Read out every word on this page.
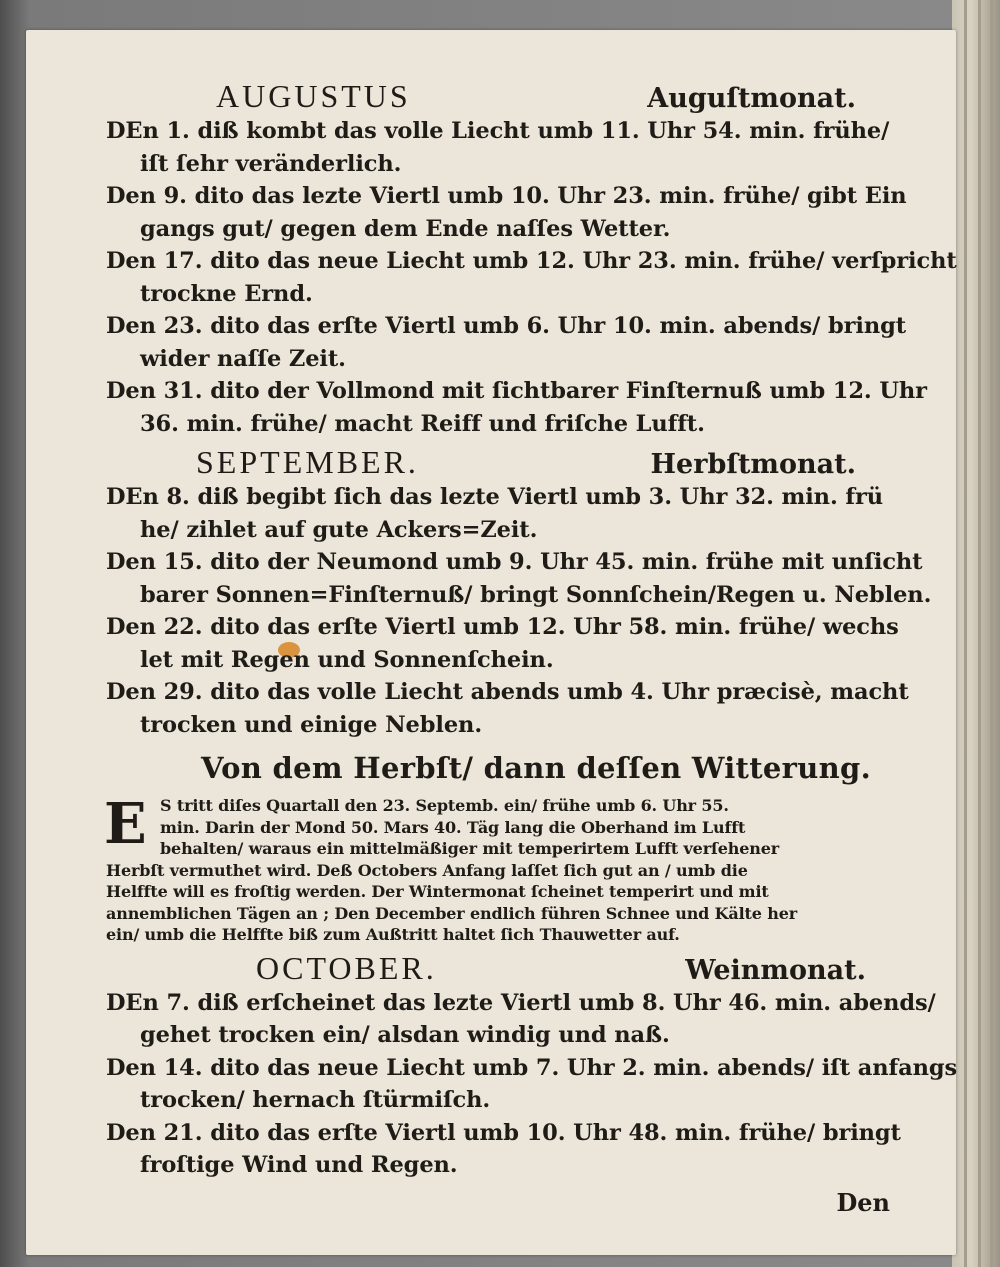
AUGUSTUS	Auguſtmonat.
DEn 1. diß kombt das volle Liecht umb 11. Uhr 54. min. frühe/
iſt ſehr veränderlich.
Den 9. dito das lezte Viertl umb 10. Uhr 23. min. frühe/ gibt Ein
gangs gut/ gegen dem Ende naſſes Wetter.
Den 17. dito das neue Liecht umb 12. Uhr 23. min. frühe/ verſpricht
trockne Ernd.
Den 23. dito das erſte Viertl umb 6. Uhr 10. min. abends/ bringt
wider naſſe Zeit.
Den 31. dito der Vollmond mit ſichtbarer Finſternuß umb 12. Uhr
36. min. frühe/ macht Reiff und friſche Lufft.
SEPTEMBER.	Herbſtmonat.
DEn 8. diß begibt ſich das lezte Viertl umb 3. Uhr 32. min. frü
he/ zihlet auf gute Ackers=Zeit.
Den 15. dito der Neumond umb 9. Uhr 45. min. frühe mit unſicht
barer Sonnen=Finſternuß/ bringt Sonnſchein/Regen u. Neblen.
Den 22. dito das erſte Viertl umb 12. Uhr 58. min. frühe/ wechs
let mit Regen und Sonnenſchein.
Den 29. dito das volle Liecht abends umb 4. Uhr præcisè, macht
trocken und einige Neblen.
Von dem Herbſt/ dann deſſen Witterung.
E S tritt diſes Quartall den 23. Septemb. ein/ frühe umb 6. Uhr 55.
min. Darin der Mond 50. Mars 40. Täg lang die Oberhand im Lufft
behalten/ waraus ein mittelmäßiger mit temperirtem Lufft verſehener
Herbſt vermuthet wird. Deß Octobers Anfang laſſet ſich gut an / umb die
Helffte will es froſtig werden. Der Wintermonat ſcheinet temperirt und mit
annemblichen Tägen an ; Den December endlich führen Schnee und Kälte her
ein/ umb die Helffte biß zum Außtritt haltet ſich Thauwetter auf.
OCTOBER.	Weinmonat.
DEn 7. diß erſcheinet das lezte Viertl umb 8. Uhr 46. min. abends/
gehet trocken ein/ alsdan windig und naß.
Den 14. dito das neue Liecht umb 7. Uhr 2. min. abends/ iſt anfangs
trocken/ hernach ſtürmiſch.
Den 21. dito das erſte Viertl umb 10. Uhr 48. min. frühe/ bringt
froſtige Wind und Regen.
Den
